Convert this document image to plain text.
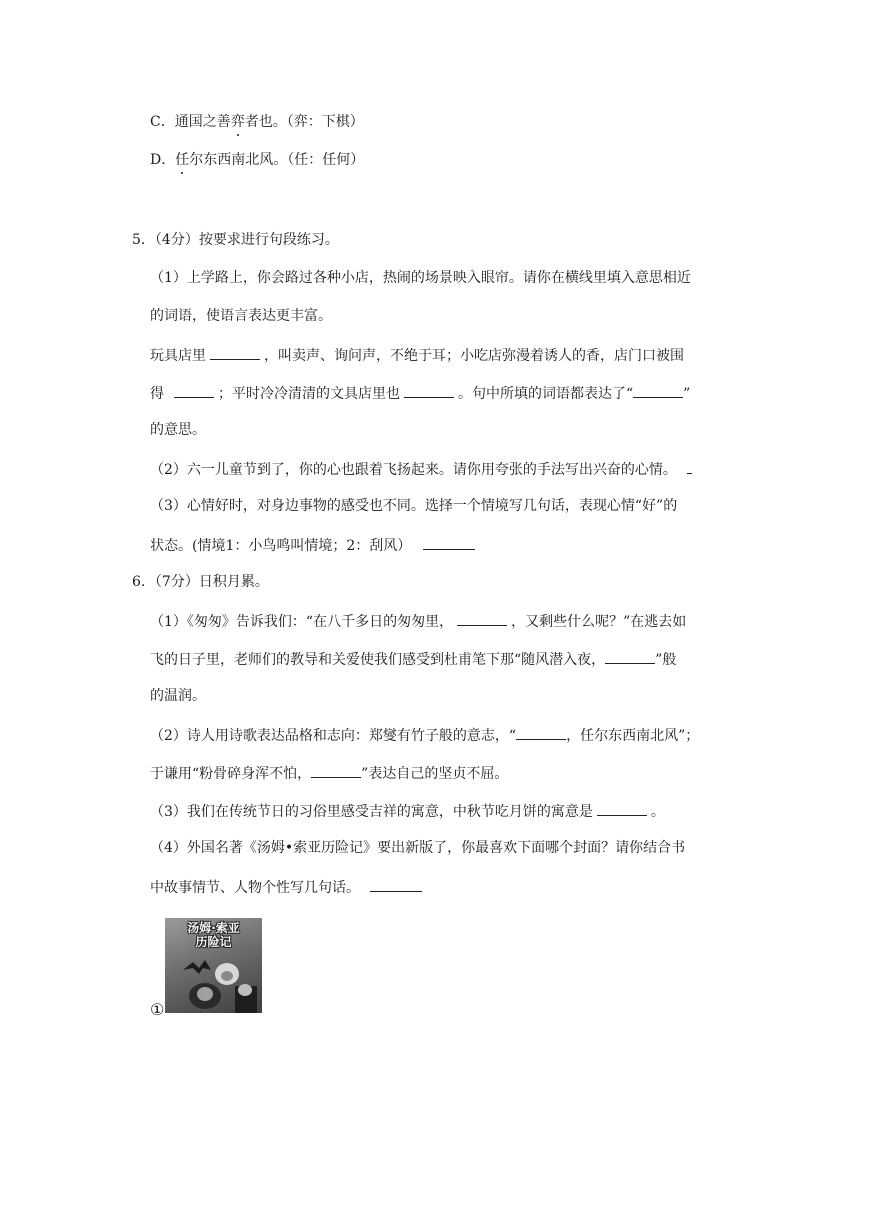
C．通国之善弈者也。（弈：下棋）
D．任尔东西南北风。（任：任何）
5．（4分）按要求进行句段练习。
（1）上学路上，你会路过各种小店，热闹的场景映入眼帘。请你在横线里填入意思相近
的词语，使语言表达更丰富。
玩具店里	，叫卖声、询问声，不绝于耳；小吃店弥漫着诱人的香，店门口被围
得	；平时冷冷清清的文具店里也	。句中所填的词语都表达了“	”
的意思。
（2）六一儿童节到了，你的心也跟着飞扬起来。请你用夸张的手法写出兴奋的心情。
（3）心情好时，对身边事物的感受也不同。选择一个情境写几句话，表现心情“好”的
状态。(情境1：小鸟鸣叫情境；2：刮风）
6．（7分）日积月累。
（1）《匆匆》告诉我们：“在八千多日的匆匆里，	，又剩些什么呢？”在逃去如
飞的日子里，老师们的教导和关爱使我们感受到杜甫笔下那“随风潜入夜，	”般
的温润。
（2）诗人用诗歌表达品格和志向：郑燮有竹子般的意志，“	，任尔东西南北风”；
于谦用“粉骨碎身浑不怕，	”表达自己的坚贞不屈。
（3）我们在传统节日的习俗里感受吉祥的寓意，中秋节吃月饼的寓意是	。
（4）外国名著《汤姆•索亚历险记》要出新版了，你最喜欢下面哪个封面？请你结合书
中故事情节、人物个性写几句话。
汤姆·索亚
历险记
①
